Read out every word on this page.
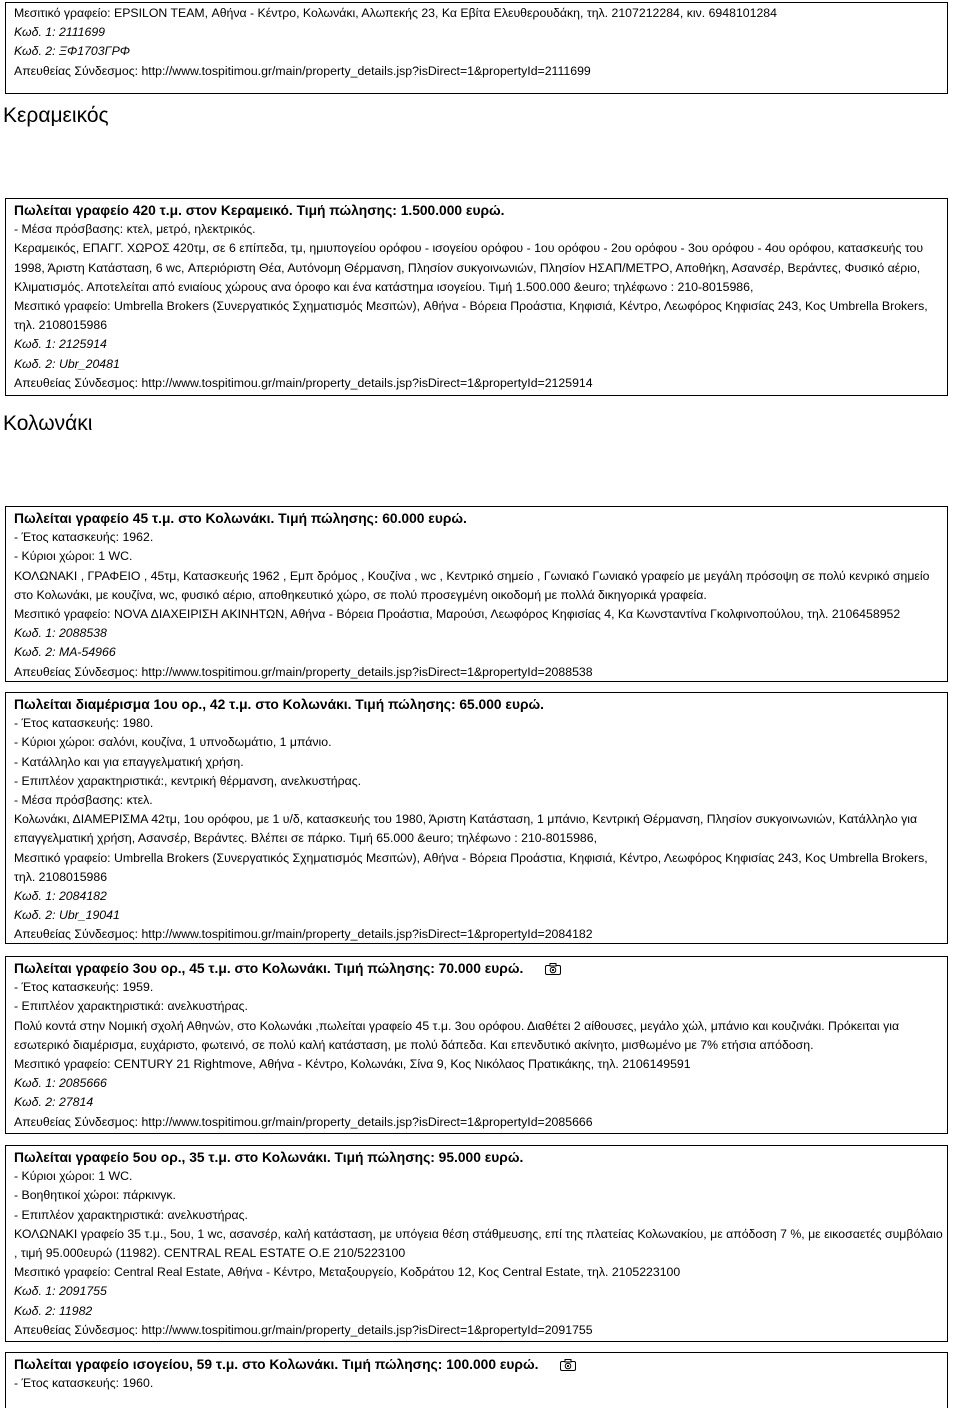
Μεσιτικό γραφείο: EPSILON TEAM, Αθήνα - Κέντρο, Κολωνάκι, Αλωπεκής 23, Κα Εβίτα Ελευθερουδάκη, τηλ. 2107212284, κιν. 6948101284

Κωδ. 1: 2111699

Κωδ. 2: ΞΦ1703ΓΡΦ

Απευθείας Σύνδεσμος: http://www.tospitimou.gr/main/property_details.jsp?isDirect=1&propertyId=2111699

Κεραμεικός

Πωλείται γραφείο 420 τ.μ. στον Κεραμεικό. Τιμή πώλησης: 1.500.000 ευρώ.

- Μέσα πρόσβασης: κτελ, μετρό, ηλεκτρικός.

Κεραμεικός, ΕΠΑΓΓ. ΧΩΡΟΣ 420τμ, σε 6 επίπεδα, τμ, ημιυπογείου ορόφου - ισογείου ορόφου - 1ου ορόφου - 2ου ορόφου - 3ου ορόφου - 4ου ορόφου, κατασκευής του 1998, Άριστη Κατάσταση, 6 wc, Απεριόριστη Θέα, Αυτόνομη Θέρμανση, Πλησίον συκγοινωνιών, Πλησίον ΗΣΑΠ/ΜΕΤΡΟ, Αποθήκη, Ασανσέρ, Βεράντες, Φυσικό αέριο, Κλιματισμός. Αποτελείται από ενιαίους χώρους ανα όροφο και ένα κατάστημα ισογείου. Τιμή 1.500.000 &euro; τηλέφωνο : 210-8015986,

Μεσιτικό γραφείο: Umbrella Brokers (Συνεργατικός Σχηματισμός Μεσιτών), Αθήνα - Βόρεια Προάστια, Κηφισιά, Κέντρο, Λεωφόρος Κηφισίας 243, Κος Umbrella Brokers, τηλ. 2108015986

Κωδ. 1: 2125914

Κωδ. 2: Ubr_20481

Απευθείας Σύνδεσμος: http://www.tospitimou.gr/main/property_details.jsp?isDirect=1&propertyId=2125914

Κολωνάκι

Πωλείται γραφείο 45 τ.μ. στο Κολωνάκι. Τιμή πώλησης: 60.000 ευρώ.

- Έτος κατασκευής: 1962.

- Κύριοι χώροι: 1 WC.

ΚΟΛΩΝΑΚΙ , ΓΡΑΦΕΙΟ , 45τμ, Κατασκευής 1962 , Εμπ δρόμος , Κουζίνα , wc , Κεντρικό σημείο , Γωνιακό Γωνιακό γραφείο με μεγάλη πρόσοψη σε πολύ κενρικό σημείο στο Κολωνάκι, με κουζίνα, wc, φυσικό αέριο, αποθηκευτικό χώρο, σε πολύ προσεγμένη οικοδομή με πολλά δικηγορικά γραφεία.

Μεσιτικό γραφείο: NOVA ΔΙΑΧΕΙΡΙΣΗ ΑΚΙΝΗΤΩΝ, Αθήνα - Βόρεια Προάστια, Μαρούσι, Λεωφόρος Κηφισίας 4, Κα Κωνσταντίνα Γκολφινοπούλου, τηλ. 2106458952

Κωδ. 1: 2088538

Κωδ. 2: MA-54966

Απευθείας Σύνδεσμος: http://www.tospitimou.gr/main/property_details.jsp?isDirect=1&propertyId=2088538

Πωλείται διαμέρισμα 1ου ορ., 42 τ.μ. στο Κολωνάκι. Τιμή πώλησης: 65.000 ευρώ.

- Έτος κατασκευής: 1980.

- Κύριοι χώροι: σαλόνι, κουζίνα, 1 υπνοδωμάτιο, 1 μπάνιο.

- Κατάλληλο και για επαγγελματική χρήση.

- Επιπλέον χαρακτηριστικά:, κεντρική θέρμανση, ανελκυστήρας.

- Μέσα πρόσβασης: κτελ.

Κολωνάκι, ΔΙΑΜΕΡΙΣΜΑ 42τμ, 1ου ορόφου, με 1 υ/δ, κατασκευής του 1980, Άριστη Κατάσταση, 1 μπάνιο, Κεντρική Θέρμανση, Πλησίον συκγοινωνιών, Κατάλληλο για επαγγελματική χρήση, Ασανσέρ, Βεράντες. Βλέπει σε πάρκο. Τιμή 65.000 &euro; τηλέφωνο : 210-8015986,

Μεσιτικό γραφείο: Umbrella Brokers (Συνεργατικός Σχηματισμός Μεσιτών), Αθήνα - Βόρεια Προάστια, Κηφισιά, Κέντρο, Λεωφόρος Κηφισίας 243, Κος Umbrella Brokers, τηλ. 2108015986

Κωδ. 1: 2084182

Κωδ. 2: Ubr_19041

Απευθείας Σύνδεσμος: http://www.tospitimou.gr/main/property_details.jsp?isDirect=1&propertyId=2084182

Πωλείται γραφείο 3ου ορ., 45 τ.μ. στο Κολωνάκι. Τιμή πώλησης: 70.000 ευρώ.

- Έτος κατασκευής: 1959.

- Επιπλέον χαρακτηριστικά: ανελκυστήρας.

Πολύ κοντά στην Νομική σχολή Αθηνών, στο Κολωνάκι ,πωλείται γραφείο 45 τ.μ. 3ου ορόφου. Διαθέτει 2 αίθουσες, μεγάλο χώλ, μπάνιο και κουζινάκι. Πρόκειται για εσωτερικό διαμέρισμα, ευχάριστο, φωτεινό, σε πολύ καλή κατάσταση, με πολύ δάπεδα. Και επενδυτικό ακίνητο, μισθωμένο με 7% ετήσια απόδοση.

Μεσιτικό γραφείο: CENTURY 21 Rightmove, Αθήνα - Κέντρο, Κολωνάκι, Σίνα 9, Κος Νικόλαος Πρατικάκης, τηλ. 2106149591

Κωδ. 1: 2085666

Κωδ. 2: 27814

Απευθείας Σύνδεσμος: http://www.tospitimou.gr/main/property_details.jsp?isDirect=1&propertyId=2085666

Πωλείται γραφείο 5ου ορ., 35 τ.μ. στο Κολωνάκι. Τιμή πώλησης: 95.000 ευρώ.

- Κύριοι χώροι: 1 WC.

- Βοηθητικοί χώροι: πάρκινγκ.

- Επιπλέον χαρακτηριστικά: ανελκυστήρας.

ΚΟΛΩΝΑΚΙ γραφείο 35 τ.μ., 5ου, 1 wc, ασανσέρ, καλή κατάσταση, με υπόγεια θέση στάθμευσης, επί της πλατείας Κολωνακίου, με απόδοση 7 %, με εικοσαετές συμβόλαιο , τιμή 95.000ευρώ (11982). CENTRAL REAL ESTATE O.E 210/5223100

Μεσιτικό γραφείο: Central Real Estate, Αθήνα - Κέντρο, Μεταξουργείο, Κοδράτου 12, Κος Central Estate, τηλ. 2105223100

Κωδ. 1: 2091755

Κωδ. 2: 11982

Απευθείας Σύνδεσμος: http://www.tospitimou.gr/main/property_details.jsp?isDirect=1&propertyId=2091755

Πωλείται γραφείο ισογείου, 59 τ.μ. στο Κολωνάκι. Τιμή πώλησης: 100.000 ευρώ.

- Έτος κατασκευής: 1960.
